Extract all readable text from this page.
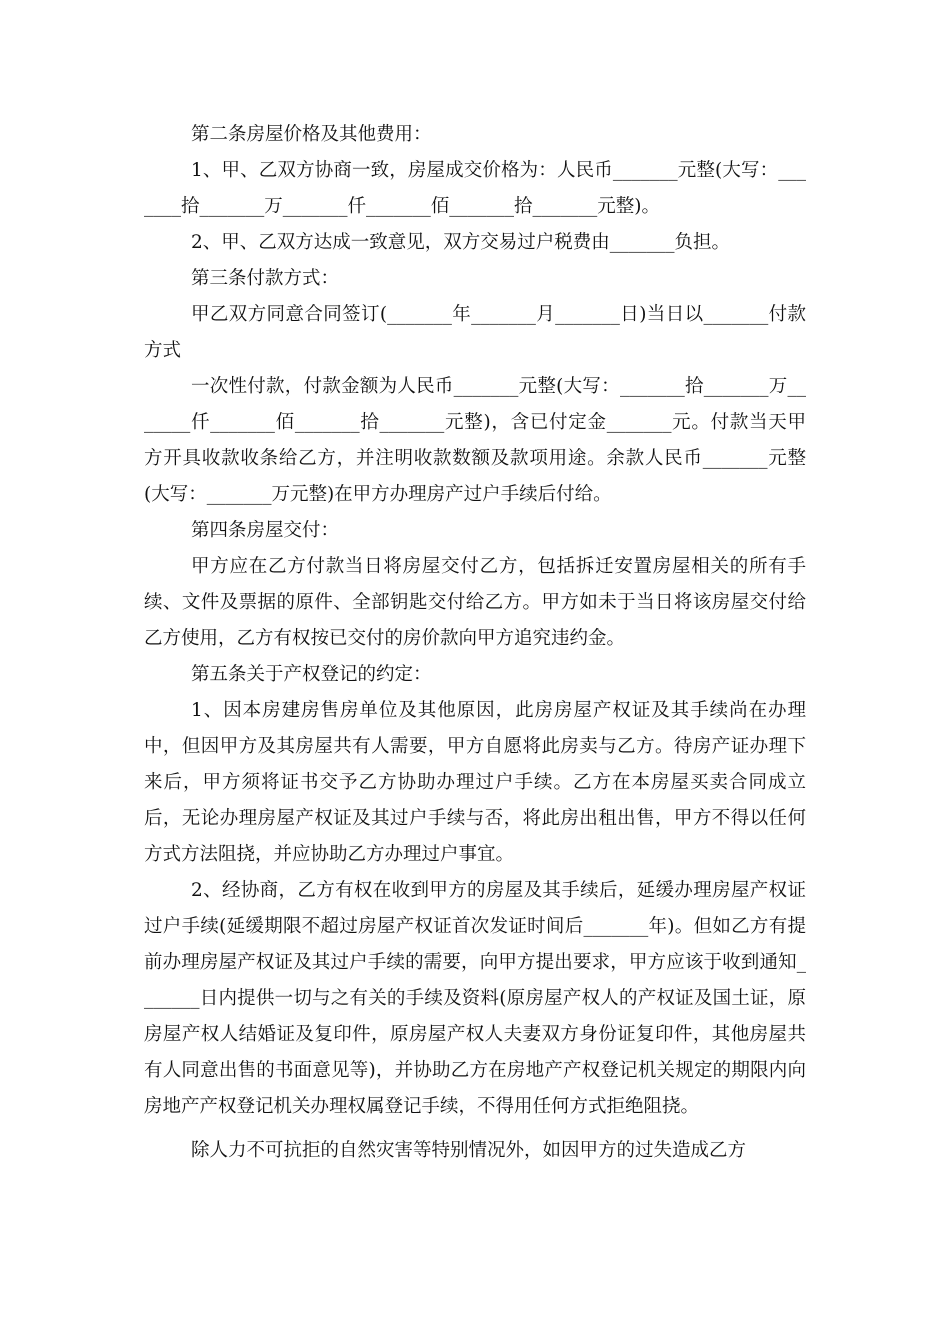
第二条房屋价格及其他费用：

1、甲、乙双方协商一致，房屋成交价格为：人民币_______元整(大写：_______拾_______万_______仟_______佰_______拾_______元整)。

2、甲、乙双方达成一致意见，双方交易过户税费由_______负担。

第三条付款方式：

甲乙双方同意合同签订(_______年_______月_______日)当日以_______付款方式

一次性付款，付款金额为人民币_______元整(大写：_______拾_______万_______仟_______佰_______拾_______元整)，含已付定金_______元。付款当天甲方开具收款收条给乙方，并注明收款数额及款项用途。余款人民币_______元整(大写：_______万元整)在甲方办理房产过户手续后付给。

第四条房屋交付：

甲方应在乙方付款当日将房屋交付乙方，包括拆迁安置房屋相关的所有手续、文件及票据的原件、全部钥匙交付给乙方。甲方如未于当日将该房屋交付给乙方使用，乙方有权按已交付的房价款向甲方追究违约金。

第五条关于产权登记的约定：

1、因本房建房售房单位及其他原因，此房房屋产权证及其手续尚在办理中，但因甲方及其房屋共有人需要，甲方自愿将此房卖与乙方。待房产证办理下来后，甲方须将证书交予乙方协助办理过户手续。乙方在本房屋买卖合同成立后，无论办理房屋产权证及其过户手续与否，将此房出租出售，甲方不得以任何方式方法阻挠，并应协助乙方办理过户事宜。

2、经协商，乙方有权在收到甲方的房屋及其手续后，延缓办理房屋产权证过户手续(延缓期限不超过房屋产权证首次发证时间后_______年)。但如乙方有提前办理房屋产权证及其过户手续的需要，向甲方提出要求，甲方应该于收到通知_______日内提供一切与之有关的手续及资料(原房屋产权人的产权证及国土证，原房屋产权人结婚证及复印件，原房屋产权人夫妻双方身份证复印件，其他房屋共有人同意出售的书面意见等)，并协助乙方在房地产产权登记机关规定的期限内向房地产产权登记机关办理权属登记手续，不得用任何方式拒绝阻挠。

除人力不可抗拒的自然灾害等特别情况外，如因甲方的过失造成乙方
